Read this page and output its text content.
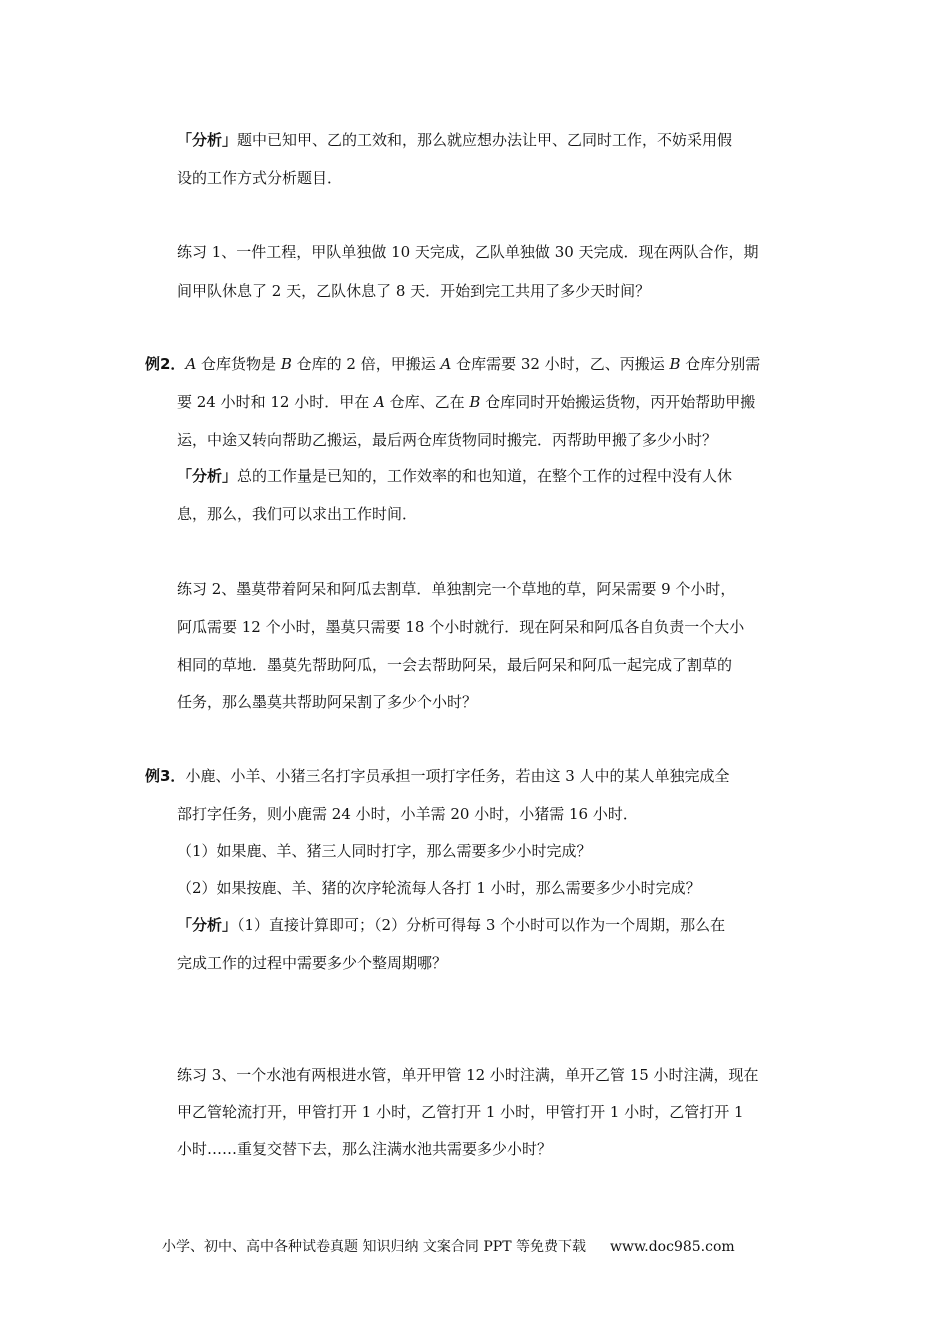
「分析」题中已知甲、乙的工效和，那么就应想办法让甲、乙同时工作，不妨采用假
设的工作方式分析题目．
练习 1、一件工程，甲队单独做 10 天完成，乙队单独做 30 天完成．现在两队合作，期
间甲队休息了 2 天，乙队休息了 8 天．开始到完工共用了多少天时间？
例2．A 仓库货物是 B 仓库的 2 倍，甲搬运 A 仓库需要 32 小时，乙、丙搬运 B 仓库分别需
要 24 小时和 12 小时．甲在 A 仓库、乙在 B 仓库同时开始搬运货物，丙开始帮助甲搬
运，中途又转向帮助乙搬运，最后两仓库货物同时搬完．丙帮助甲搬了多少小时？
「分析」总的工作量是已知的，工作效率的和也知道，在整个工作的过程中没有人休
息，那么，我们可以求出工作时间．
练习 2、墨莫带着阿呆和阿瓜去割草．单独割完一个草地的草，阿呆需要 9 个小时，
阿瓜需要 12 个小时，墨莫只需要 18 个小时就行．现在阿呆和阿瓜各自负责一个大小
相同的草地．墨莫先帮助阿瓜，一会去帮助阿呆，最后阿呆和阿瓜一起完成了割草的
任务，那么墨莫共帮助阿呆割了多少个小时？
例3．小鹿、小羊、小猪三名打字员承担一项打字任务，若由这 3 人中的某人单独完成全
部打字任务，则小鹿需 24 小时，小羊需 20 小时，小猪需 16 小时．
（1）如果鹿、羊、猪三人同时打字，那么需要多少小时完成？
（2）如果按鹿、羊、猪的次序轮流每人各打 1 小时，那么需要多少小时完成？
「分析」（1）直接计算即可；（2）分析可得每 3 个小时可以作为一个周期，那么在
完成工作的过程中需要多少个整周期哪？
练习 3、一个水池有两根进水管，单开甲管 12 小时注满，单开乙管 15 小时注满，现在
甲乙管轮流打开，甲管打开 1 小时，乙管打开 1 小时，甲管打开 1 小时，乙管打开 1
小时……重复交替下去，那么注满水池共需要多少小时？
小学、初中、高中各种试卷真题 知识归纳 文案合同 PPT 等免费下载 www.doc985.com
